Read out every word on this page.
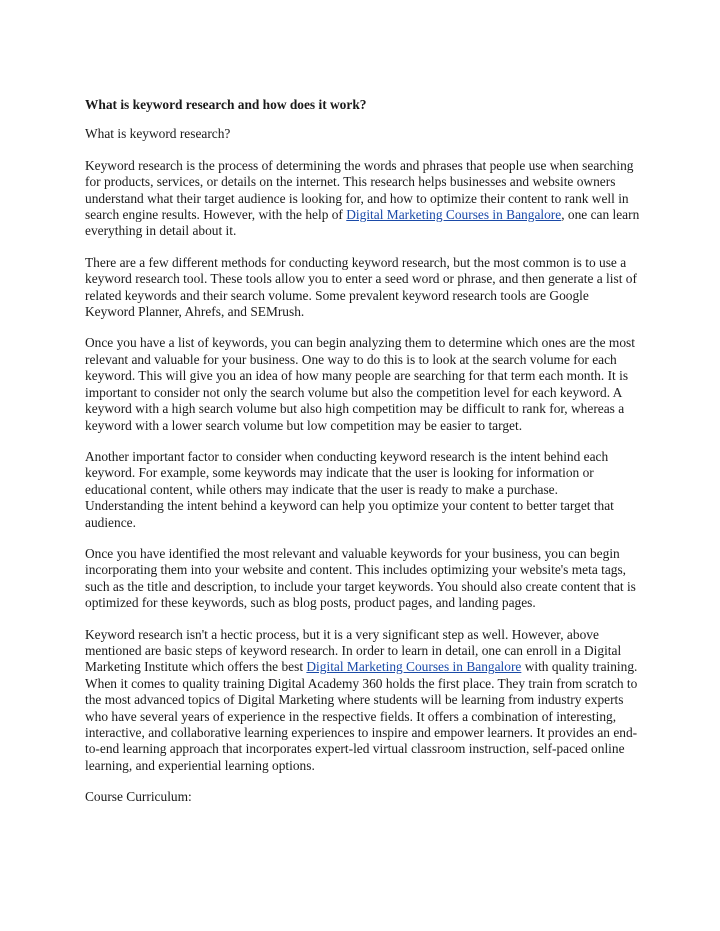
What is keyword research and how does it work?

What is keyword research?

Keyword research is the process of determining the words and phrases that people use when searching for products, services, or details on the internet. This research helps businesses and website owners understand what their target audience is looking for, and how to optimize their content to rank well in search engine results. However, with the help of Digital Marketing Courses in Bangalore, one can learn everything in detail about it.

There are a few different methods for conducting keyword research, but the most common is to use a keyword research tool. These tools allow you to enter a seed word or phrase, and then generate a list of related keywords and their search volume. Some prevalent keyword research tools are Google Keyword Planner, Ahrefs, and SEMrush.

Once you have a list of keywords, you can begin analyzing them to determine which ones are the most relevant and valuable for your business. One way to do this is to look at the search volume for each keyword. This will give you an idea of how many people are searching for that term each month. It is important to consider not only the search volume but also the competition level for each keyword. A keyword with a high search volume but also high competition may be difficult to rank for, whereas a keyword with a lower search volume but low competition may be easier to target.

Another important factor to consider when conducting keyword research is the intent behind each keyword. For example, some keywords may indicate that the user is looking for information or educational content, while others may indicate that the user is ready to make a purchase. Understanding the intent behind a keyword can help you optimize your content to better target that audience.

Once you have identified the most relevant and valuable keywords for your business, you can begin incorporating them into your website and content. This includes optimizing your website's meta tags, such as the title and description, to include your target keywords. You should also create content that is optimized for these keywords, such as blog posts, product pages, and landing pages.

Keyword research isn't a hectic process, but it is a very significant step as well. However, above mentioned are basic steps of keyword research. In order to learn in detail, one can enroll in a Digital Marketing Institute which offers the best Digital Marketing Courses in Bangalore with quality training. When it comes to quality training Digital Academy 360 holds the first place. They train from scratch to the most advanced topics of Digital Marketing where students will be learning from industry experts who have several years of experience in the respective fields. It offers a combination of interesting, interactive, and collaborative learning experiences to inspire and empower learners. It provides an end-to-end learning approach that incorporates expert-led virtual classroom instruction, self-paced online learning, and experiential learning options.

Course Curriculum:
